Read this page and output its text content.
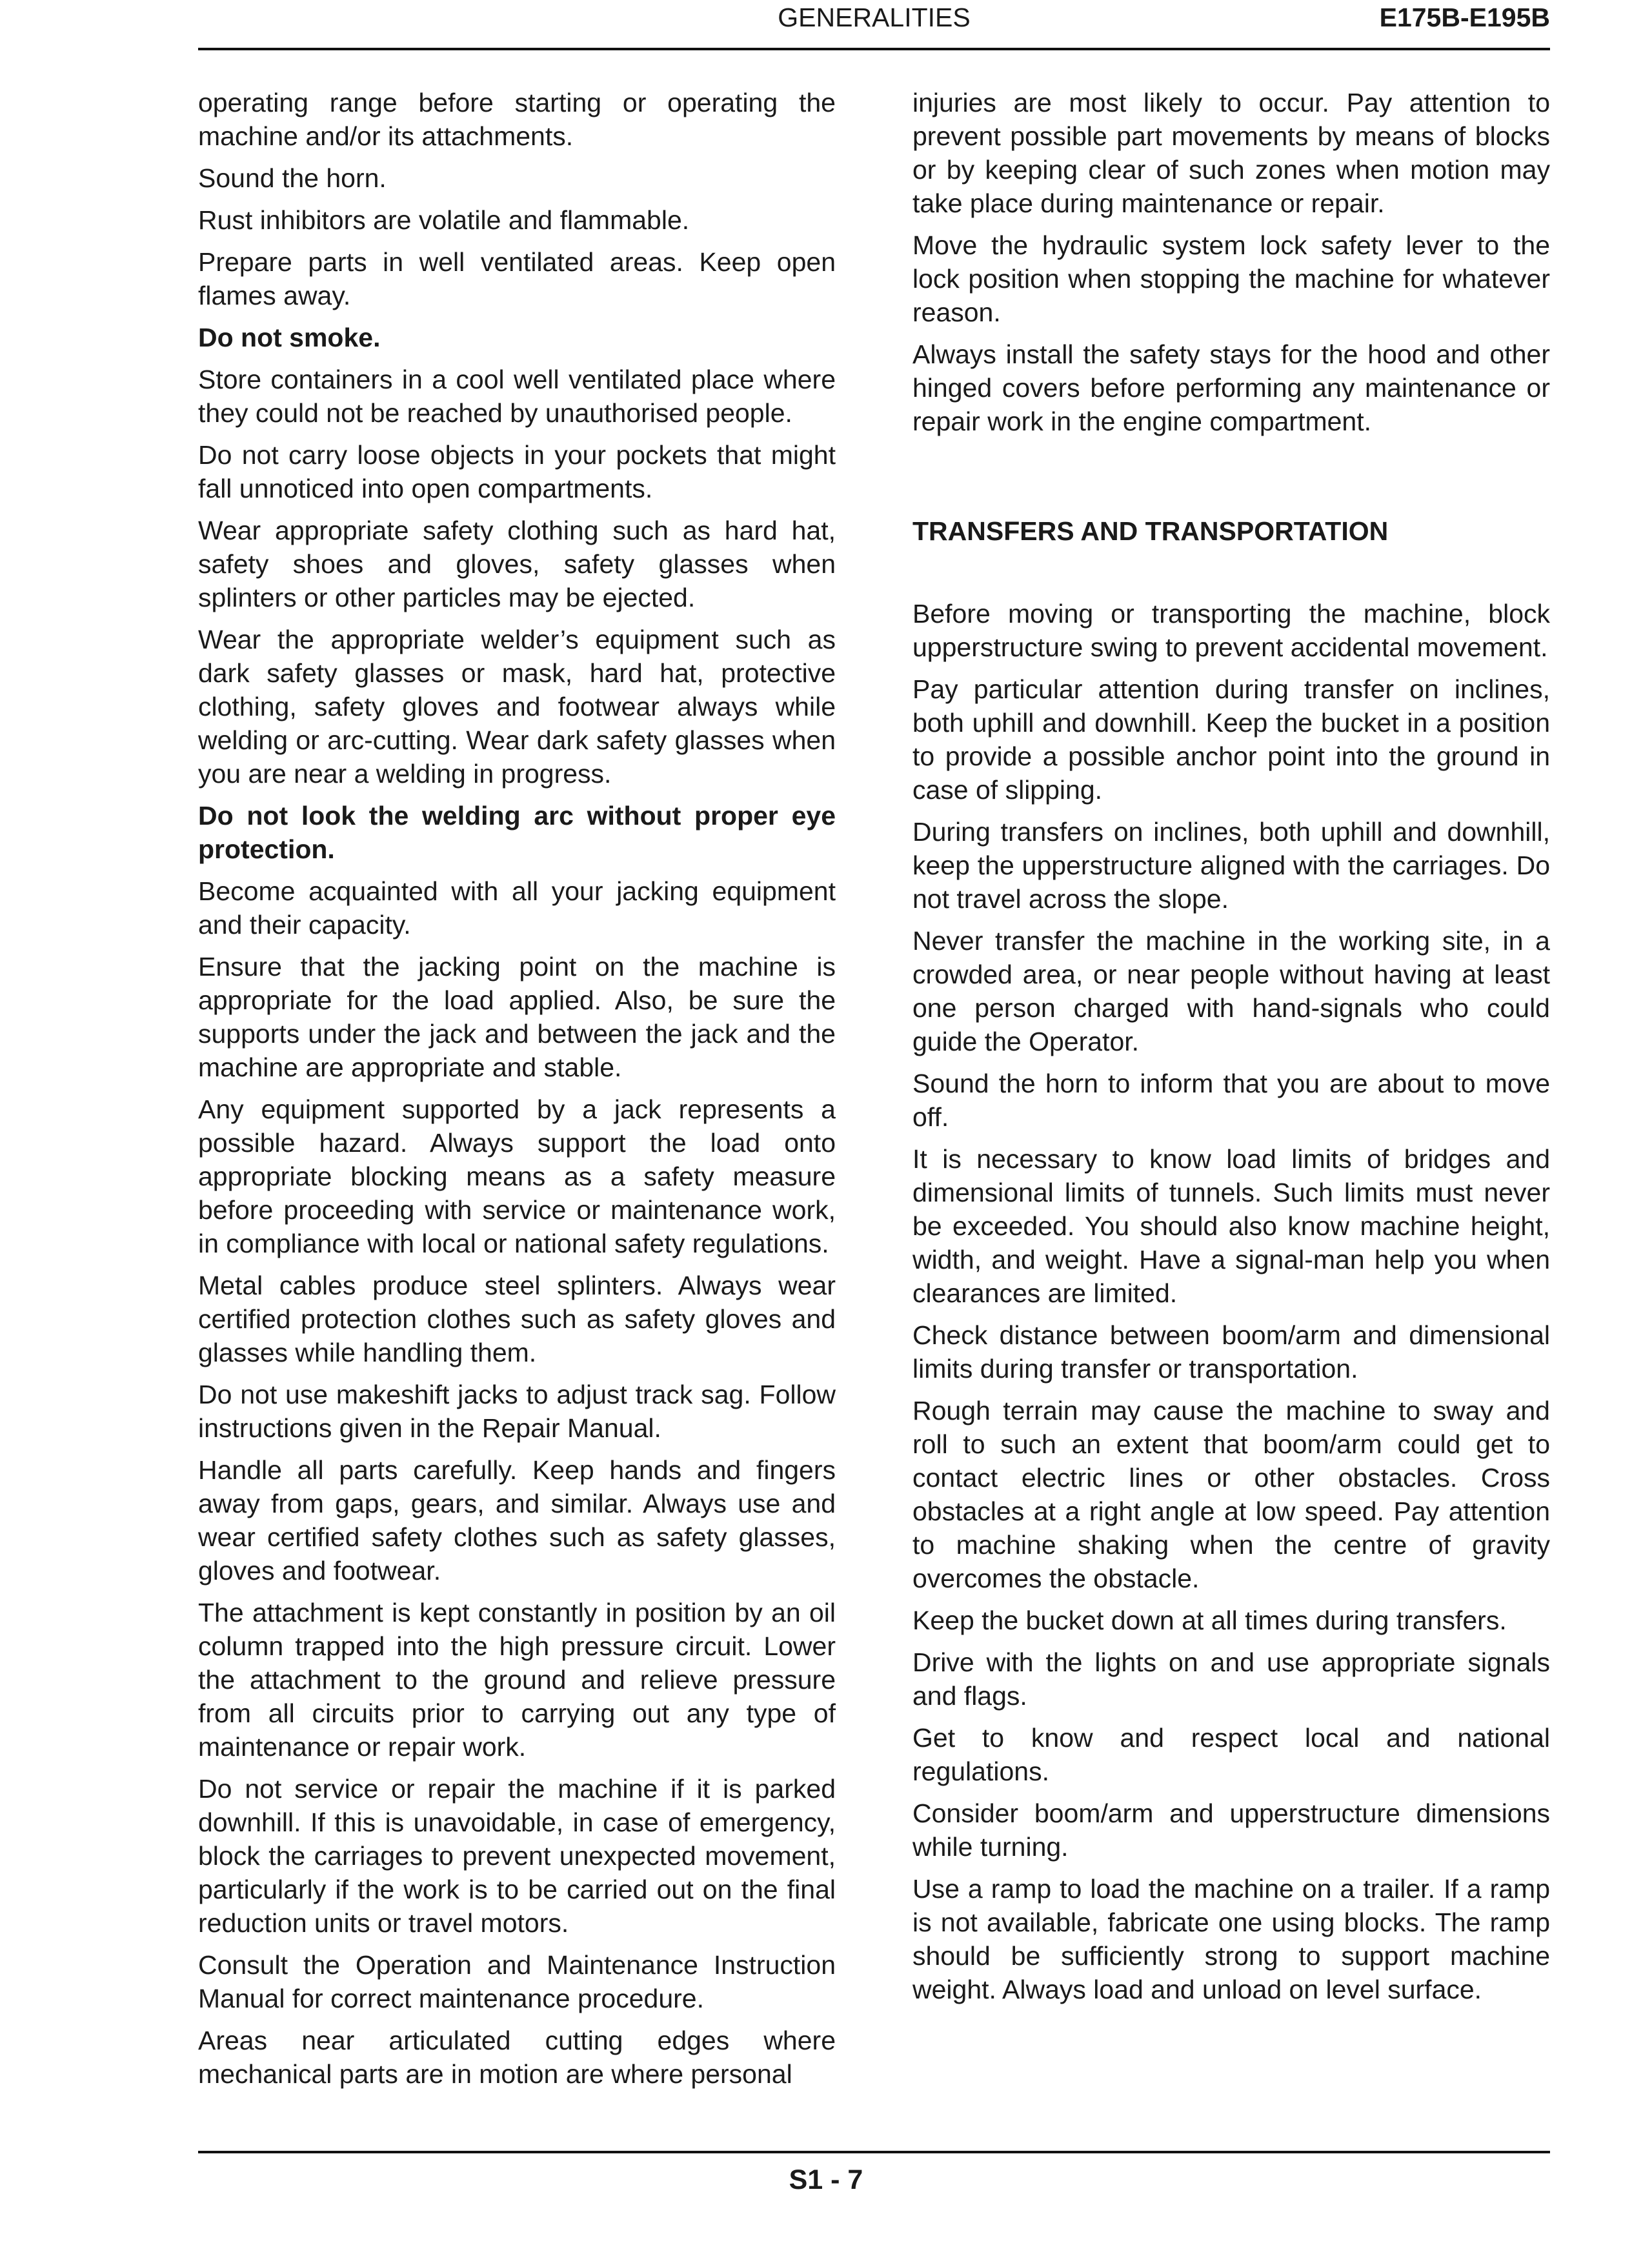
GENERALITIES	E175B-E195B

operating range before starting or operating the machine and/or its attachments.

Sound the horn.

Rust inhibitors are volatile and flammable.

Prepare parts in well ventilated areas. Keep open flames away.

Do not smoke.

Store containers in a cool well ventilated place where they could not be reached by unauthorised people.

Do not carry loose objects in your pockets that might fall unnoticed into open compartments.

Wear appropriate safety clothing such as hard hat, safety shoes and gloves, safety glasses when splinters or other particles may be ejected.

Wear the appropriate welder’s equipment such as dark safety glasses or mask, hard hat, protective clothing, safety gloves and footwear always while welding or arc-cutting. Wear dark safety glasses when you are near a welding in progress.

Do not look the welding arc without proper eye protection.

Become acquainted with all your jacking equipment and their capacity.

Ensure that the jacking point on the machine is appropriate for the load applied. Also, be sure the supports under the jack and between the jack and the machine are appropriate and stable.

Any equipment supported by a jack represents a possible hazard. Always support the load onto appropriate blocking means as a safety measure before proceeding with service or maintenance work, in compliance with local or national safety regulations.

Metal cables produce steel splinters. Always wear certified protection clothes such as safety gloves and glasses while handling them.

Do not use makeshift jacks to adjust track sag. Follow instructions given in the Repair Manual.

Handle all parts carefully. Keep hands and fingers away from gaps, gears, and similar. Always use and wear certified safety clothes such as safety glasses, gloves and footwear.

The attachment is kept constantly in position by an oil column trapped into the high pressure circuit. Lower the attachment to the ground and relieve pressure from all circuits prior to carrying out any type of maintenance or repair work.

Do not service or repair the machine if it is parked downhill. If this is unavoidable, in case of emergency, block the carriages to prevent unexpected movement, particularly if the work is to be carried out on the final reduction units or travel motors.

Consult the Operation and Maintenance Instruction Manual for correct maintenance procedure.

Areas near articulated cutting edges where mechanical parts are in motion are where personal

injuries are most likely to occur. Pay attention to prevent possible part movements by means of blocks or by keeping clear of such zones when motion may take place during maintenance or repair.

Move the hydraulic system lock safety lever to the lock position when stopping the machine for whatever reason.

Always install the safety stays for the hood and other hinged covers before performing any maintenance or repair work in the engine compartment.

TRANSFERS AND TRANSPORTATION

Before moving or transporting the machine, block upperstructure swing to prevent accidental movement.

Pay particular attention during transfer on inclines, both uphill and downhill. Keep the bucket in a position to provide a possible anchor point into the ground in case of slipping.

During transfers on inclines, both uphill and downhill, keep the upperstructure aligned with the carriages. Do not travel across the slope.

Never transfer the machine in the working site, in a crowded area, or near people without having at least one person charged with hand-signals who could guide the Operator.

Sound the horn to inform that you are about to move off.

It is necessary to know load limits of bridges and dimensional limits of tunnels. Such limits must never be exceeded. You should also know machine height, width, and weight. Have a signal-man help you when clearances are limited.

Check distance between boom/arm and dimensional limits during transfer or transportation.

Rough terrain may cause the machine to sway and roll to such an extent that boom/arm could get to contact electric lines or other obstacles. Cross obstacles at a right angle at low speed. Pay attention to machine shaking when the centre of gravity overcomes the obstacle.

Keep the bucket down at all times during transfers.

Drive with the lights on and use appropriate signals and flags.

Get to know and respect local and national regulations.

Consider boom/arm and upperstructure dimensions while turning.

Use a ramp to load the machine on a trailer. If a ramp is not available, fabricate one using blocks. The ramp should be sufficiently strong to support machine weight. Always load and unload on level surface.

S1 - 7
